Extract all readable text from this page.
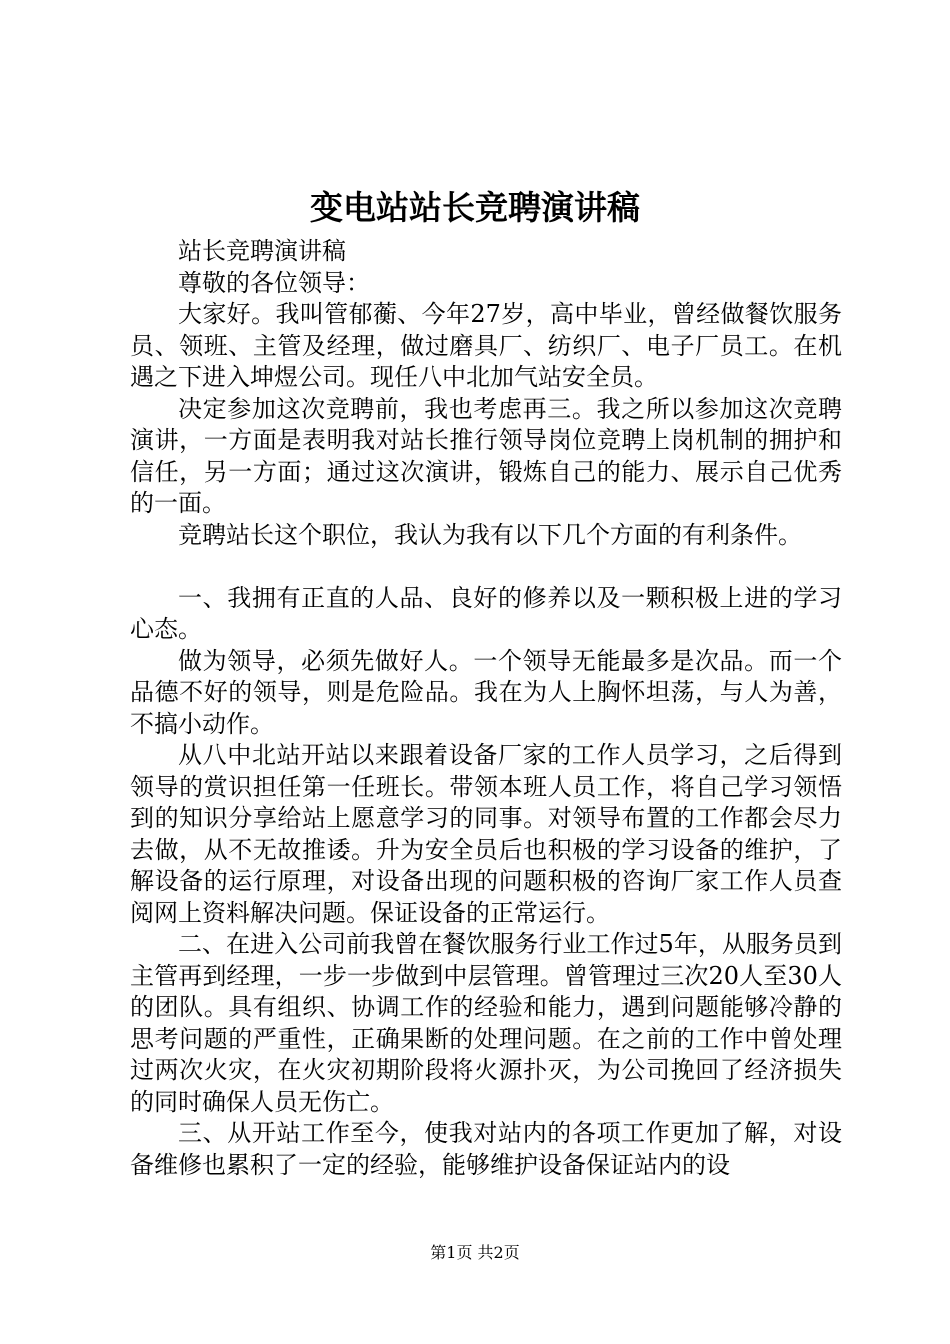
变电站站长竞聘演讲稿

站长竞聘演讲稿

尊敬的各位领导：

大家好。我叫管郁蘅、今年27岁，高中毕业，曾经做餐饮服务员、领班、主管及经理，做过磨具厂、纺织厂、电子厂员工。在机遇之下进入坤煜公司。现任八中北加气站安全员。

决定参加这次竞聘前，我也考虑再三。我之所以参加这次竞聘演讲，一方面是表明我对站长推行领导岗位竞聘上岗机制的拥护和信任，另一方面；通过这次演讲，锻炼自己的能力、展示自己优秀的一面。

竞聘站长这个职位，我认为我有以下几个方面的有利条件。

一、我拥有正直的人品、良好的修养以及一颗积极上进的学习心态。

做为领导，必须先做好人。一个领导无能最多是次品。而一个品德不好的领导，则是危险品。我在为人上胸怀坦荡，与人为善，不搞小动作。

从八中北站开站以来跟着设备厂家的工作人员学习，之后得到领导的赏识担任第一任班长。带领本班人员工作，将自己学习领悟到的知识分享给站上愿意学习的同事。对领导布置的工作都会尽力去做，从不无故推诿。升为安全员后也积极的学习设备的维护，了解设备的运行原理，对设备出现的问题积极的咨询厂家工作人员查阅网上资料解决问题。保证设备的正常运行。

二、在进入公司前我曾在餐饮服务行业工作过5年，从服务员到主管再到经理，一步一步做到中层管理。曾管理过三次20人至30人的团队。具有组织、协调工作的经验和能力，遇到问题能够冷静的思考问题的严重性，正确果断的处理问题。在之前的工作中曾处理过两次火灾，在火灾初期阶段将火源扑灭，为公司挽回了经济损失的同时确保人员无伤亡。

三、从开站工作至今，使我对站内的各项工作更加了解，对设备维修也累积了一定的经验，能够维护设备保证站内的设

第1页 共2页
